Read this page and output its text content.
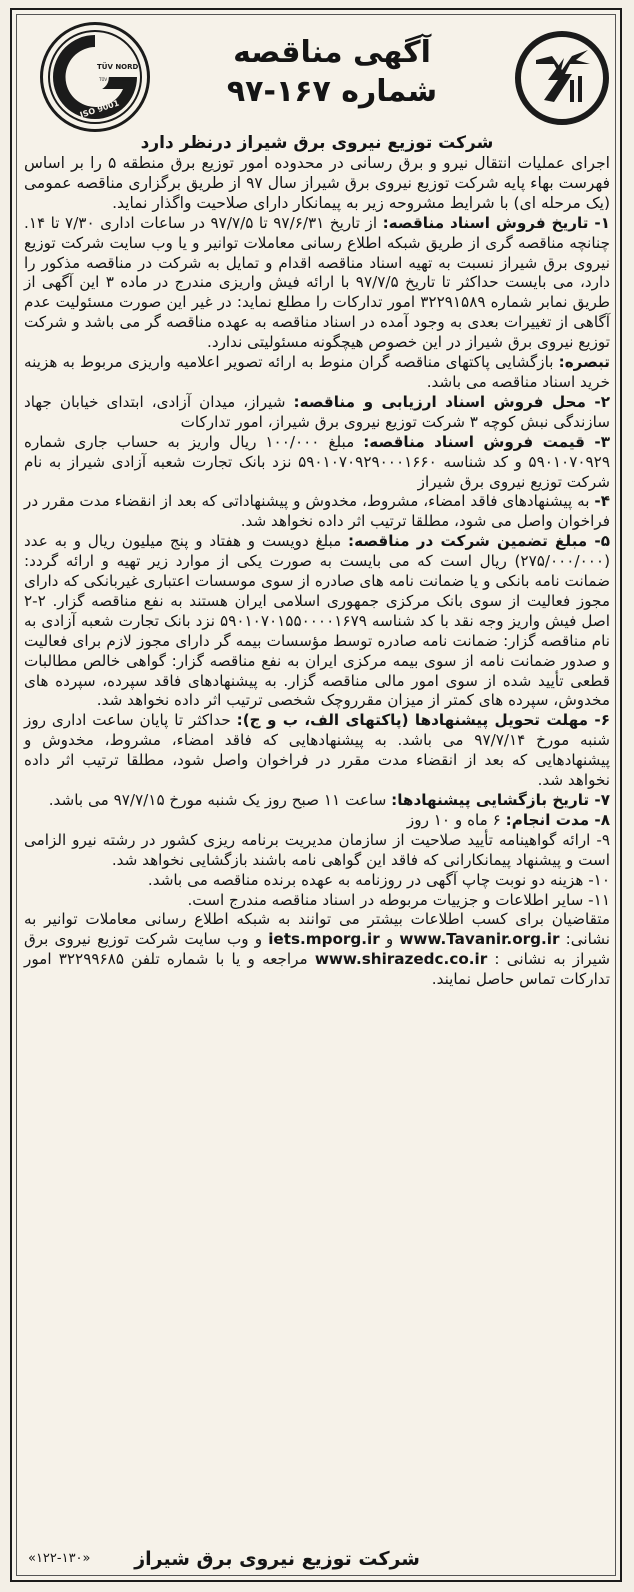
TÜV NORD
TÜV NORD Iran
ISO 9001
آگهی مناقصه
شماره ۱۶۷-۹۷

شرکت توزیع نیروی برق شیراز درنظر دارد

اجرای عملیات انتقال نیرو و برق رسانی در محدوده امور توزیع برق منطقه ۵ را بر اساس فهرست بهاء پایه شرکت توزیع نیروی برق شیراز سال ۹۷ از طریق برگزاری مناقصه عمومی (یک مرحله ای) با شرایط مشروحه زیر به پیمانکار دارای صلاحیت واگذار نماید.

۱- تاریخ فروش اسناد مناقصه: از تاریخ ۹۷/۶/۳۱ تا ۹۷/۷/۵ در ساعات اداری ۷/۳۰ تا ۱۴. چنانچه مناقصه گری از طریق شبکه اطلاع رسانی معاملات توانیر و یا وب سایت شرکت توزیع نیروی برق شیراز نسبت به تهیه اسناد مناقصه اقدام و تمایل به شرکت در مناقصه مذکور را دارد، می بایست حداکثر تا تاریخ ۹۷/۷/۵ با ارائه فیش واریزی مندرج در ماده ۳ این آگهی از طریق نمابر شماره ۳۲۲۹۱۵۸۹ امور تدارکات را مطلع نماید: در غیر این صورت مسئولیت عدم آگاهی از تغییرات بعدی به وجود آمده در اسناد مناقصه به عهده مناقصه گر می باشد و شرکت توزیع نیروی برق شیراز در این خصوص هیچگونه مسئولیتی ندارد.

تبصره: بازگشایی پاکتهای مناقصه گران منوط به ارائه تصویر اعلامیه واریزی مربوط به هزینه خرید اسناد مناقصه می باشد.

۲- محل فروش اسناد ارزیابی و مناقصه: شیراز، میدان آزادی، ابتدای خیابان جهاد سازندگی نبش کوچه ۳ شرکت توزیع نیروی برق شیراز، امور تدارکات

۳- قیمت فروش اسناد مناقصه: مبلغ ۱۰۰/۰۰۰ ریال واریز به حساب جاری شماره ۵۹۰۱۰۷۰۹۲۹ و کد شناسه ۵۹۰۱۰۷۰۹۲۹۰۰۰۱۶۶۰ نزد بانک تجارت شعبه آزادی شیراز به نام شرکت توزیع نیروی برق شیراز

۴- به پیشنهادهای فاقد امضاء، مشروط، مخدوش و پیشنهاداتی که بعد از انقضاء مدت مقرر در فراخوان واصل می شود، مطلقا ترتیب اثر داده نخواهد شد.

۵- مبلغ تضمین شرکت در مناقصه: مبلغ دویست و هفتاد و پنج میلیون ریال و به عدد (۲۷۵/۰۰۰/۰۰۰) ریال است که می بایست به صورت یکی از موارد زیر تهیه و ارائه گردد: ضمانت نامه بانکی و یا ضمانت نامه های صادره از سوی موسسات اعتباری غیربانکی که دارای مجوز فعالیت از سوی بانک مرکزی جمهوری اسلامی ایران هستند به نفع مناقصه گزار. ۲-۲ اصل فیش واریز وجه نقد با کد شناسه ۵۹۰۱۰۷۰۱۵۵۰۰۰۰۱۶۷۹ نزد بانک تجارت شعبه آزادی به نام مناقصه گزار: ضمانت نامه صادره توسط مؤسسات بیمه گر دارای مجوز لازم برای فعالیت و صدور ضمانت نامه از سوی بیمه مرکزی ایران به نفع مناقصه گزار: گواهی خالص مطالبات قطعی تأیید شده از سوی امور مالی مناقصه گزار. به پیشنهادهای فاقد سپرده، سپرده های مخدوش، سپرده های کمتر از میزان مقرروچک شخصی ترتیب اثر داده نخواهد شد.

۶- مهلت تحویل پیشنهادها (پاکتهای الف، ب و ج): حداکثر تا پایان ساعت اداری روز شنبه مورخ ۹۷/۷/۱۴ می باشد. به پیشنهادهایی که فاقد امضاء، مشروط، مخدوش و پیشنهادهایی که بعد از انقضاء مدت مقرر در فراخوان واصل شود، مطلقا ترتیب اثر داده نخواهد شد.

۷- تاریخ بازگشایی پیشنهادها: ساعت ۱۱ صبح روز یک شنبه مورخ ۹۷/۷/۱۵ می باشد.

۸- مدت انجام: ۶ ماه و ۱۰ روز

۹- ارائه گواهینامه تأیید صلاحیت از سازمان مدیریت برنامه ریزی کشور در رشته نیرو الزامی است و پیشنهاد پیمانکارانی که فاقد این گواهی نامه باشند بازگشایی نخواهد شد.

۱۰- هزینه دو نوبت چاپ آگهی در روزنامه به عهده برنده مناقصه می باشد.

۱۱- سایر اطلاعات و جزییات مربوطه در اسناد مناقصه مندرج است.

متقاضیان برای کسب اطلاعات بیشتر می توانند به شبکه اطلاع رسانی معاملات توانیر به نشانی: www.Tavanir.org.ir و iets.mporg.ir و وب سایت شرکت توزیع نیروی برق شیراز به نشانی : www.shirazedc.co.ir مراجعه و یا با شماره تلفن ۳۲۲۹۹۶۸۵ امور تدارکات تماس حاصل نمایند.

شرکت توزیع نیروی برق شیراز
«۱۲۲-۱۳۰»
